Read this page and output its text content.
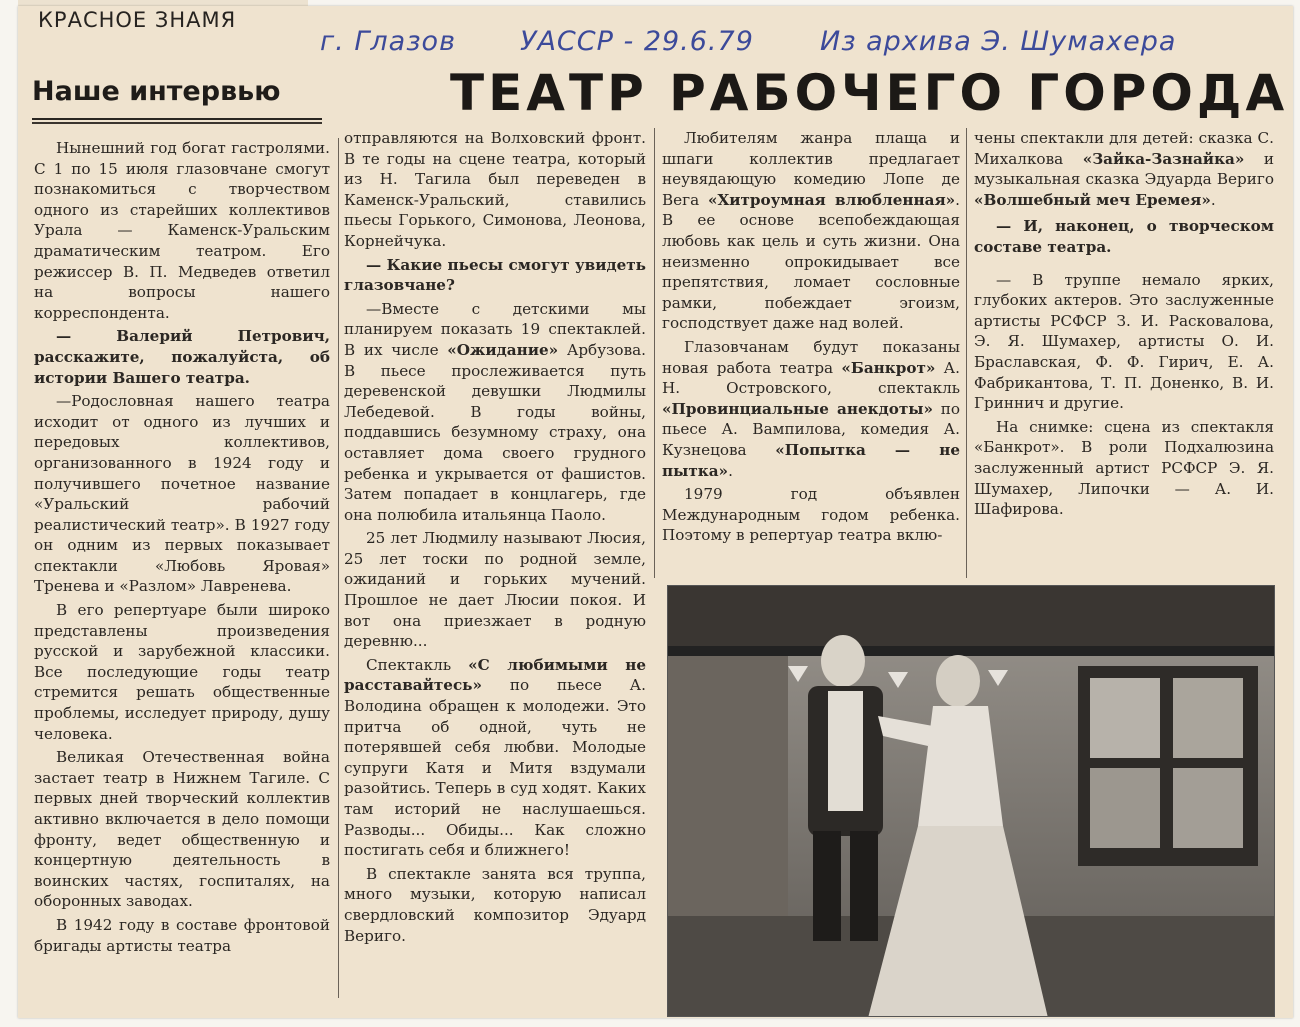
КРАСНОЕ ЗНАМЯ
г. Глазов УАССР - 29.6.79 Из архива Э. Шумахера
Наше интервью	ТЕАТР РАБОЧЕГО ГОРОДА

Нынешний год богат гастролями. С 1 по 15 июля глазовчане смогут познакомиться с творчеством одного из старейших коллективов Урала — Каменск-Уральским драматическим театром. Его режиссер В. П. Медведев ответил на вопросы нашего корреспондента.

— Валерий Петрович, расскажите, пожалуйста, об истории Вашего театра.

—Родословная нашего театра исходит от одного из лучших и передовых коллективов, организованного в 1924 году и получившего почетное название «Уральский рабочий реалистический театр». В 1927 году он одним из первых показывает спектакли «Любовь Яровая» Тренева и «Разлом» Лавренева.

В его репертуаре были широко представлены произведения русской и зарубежной классики. Все последующие годы театр стремится решать общественные проблемы, исследует природу, душу человека.

Великая Отечественная война застает театр в Нижнем Тагиле. С первых дней творческий коллектив активно включается в дело помощи фронту, ведет общественную и концертную деятельность в воинских частях, госпиталях, на оборонных заводах.

В 1942 году в составе фронтовой бригады артисты театра

отправляются на Волховский фронт. В те годы на сцене театра, который из Н. Тагила был переведен в Каменск-Уральский, ставились пьесы Горького, Симонова, Леонова, Корнейчука.

— Какие пьесы смогут увидеть глазовчане?

—Вместе с детскими мы планируем показать 19 спектаклей. В их числе «Ожидание» Арбузова. В пьесе прослеживается путь деревенской девушки Людмилы Лебедевой. В годы войны, поддавшись безумному страху, она оставляет дома своего грудного ребенка и укрывается от фашистов. Затем попадает в концлагерь, где она полюбила итальянца Паоло.

25 лет Людмилу называют Люсия, 25 лет тоски по родной земле, ожиданий и горьких мучений. Прошлое не дает Люсии покоя. И вот она приезжает в родную деревню...

Спектакль «С любимыми не расставайтесь» по пьесе А. Володина обращен к молодежи. Это притча об одной, чуть не потерявшей себя любви. Молодые супруги Катя и Митя вздумали разойтись. Теперь в суд ходят. Каких там историй не наслушаешься. Разводы... Обиды... Как сложно постигать себя и ближнего!

В спектакле занята вся труппа, много музыки, которую написал свердловский композитор Эдуард Вериго.

Любителям жанра плаща и шпаги коллектив предлагает неувядающую комедию Лопе де Вега «Хитроумная влюбленная». В ее основе всепобеждающая любовь как цель и суть жизни. Она неизменно опрокидывает все препятствия, ломает сословные рамки, побеждает эгоизм, господствует даже над волей.

Глазовчанам будут показаны новая работа театра «Банкрот» А. Н. Островского, спектакль «Провинциальные анекдоты» по пьесе А. Вампилова, комедия А. Кузнецова «Попытка — не пытка».

1979 год объявлен Международным годом ребенка. Поэтому в репертуар театра вклю-

чены спектакли для детей: сказка С. Михалкова «Зайка-Зазнайка» и музыкальная сказка Эдуарда Вериго «Волшебный меч Еремея».

— И, наконец, о творческом составе театра.

— В труппе немало ярких, глубоких актеров. Это заслуженные артисты РСФСР З. И. Расковалова, Э. Я. Шумахер, артисты О. И. Браславская, Ф. Ф. Гирич, Е. А. Фабрикантова, Т. П. Доненко, В. И. Гриннич и другие.

На снимке: сцена из спектакля «Банкрот». В роли Подхалюзина заслуженный артист РСФСР Э. Я. Шумахер, Липочки — А. И. Шафирова.
